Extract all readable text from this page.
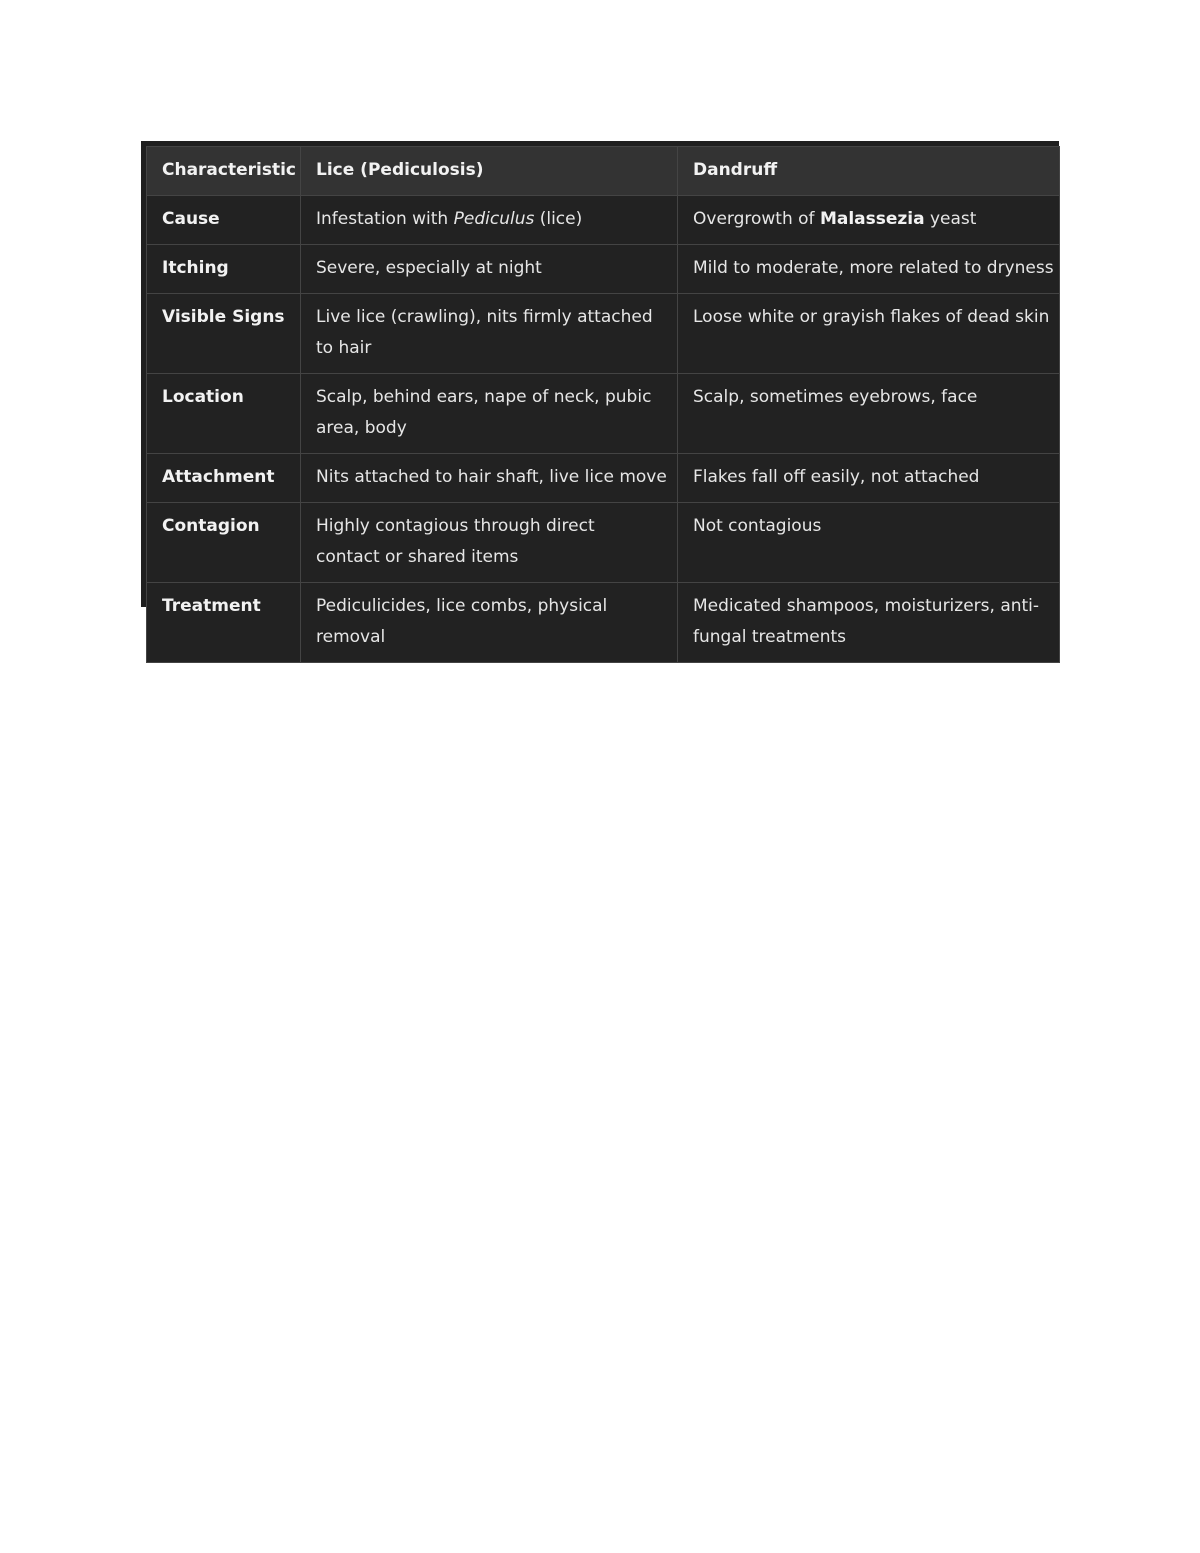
Characteristic	Lice (Pediculosis)	Dandruff
Cause	Infestation with Pediculus (lice)	Overgrowth of Malassezia yeast
Itching	Severe, especially at night	Mild to moderate, more related to dryness
Visible Signs	Live lice (crawling), nits firmly attached to hair	Loose white or grayish flakes of dead skin
Location	Scalp, behind ears, nape of neck, pubic area, body	Scalp, sometimes eyebrows, face
Attachment	Nits attached to hair shaft, live lice move	Flakes fall off easily, not attached
Contagion	Highly contagious through direct contact or shared items	Not contagious
Treatment	Pediculicides, lice combs, physical removal	Medicated shampoos, moisturizers, anti-fungal treatments
